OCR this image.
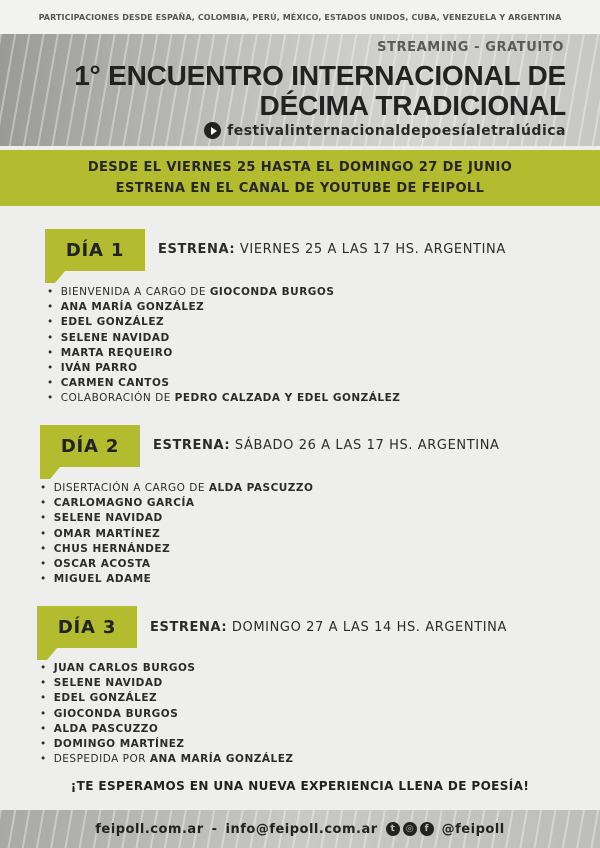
PARTICIPACIONES DESDE ESPAÑA, COLOMBIA, PERÚ, MÉXICO, ESTADOS UNIDOS, CUBA, VENEZUELA Y ARGENTINA
STREAMING - GRATUITO
1° ENCUENTRO INTERNACIONAL DE
DÉCIMA TRADICIONAL
festivalinternacionaldepoesíaletralúdica
DESDE EL VIERNES 25 HASTA EL DOMINGO 27 DE JUNIO
ESTRENA EN EL CANAL DE YOUTUBE DE FEIPOLL
DÍA 1	ESTRENA: VIERNES 25 A LAS 17 HS. ARGENTINA
• BIENVENIDA A CARGO DE GIOCONDA BURGOS
• ANA MARÍA GONZÁLEZ
• EDEL GONZÁLEZ
• SELENE NAVIDAD
• MARTA REQUEIRO
• IVÁN PARRO
• CARMEN CANTOS
• COLABORACIÓN DE PEDRO CALZADA Y EDEL GONZÁLEZ
DÍA 2	ESTRENA: SÁBADO 26 A LAS 17 HS. ARGENTINA
• DISERTACIÓN A CARGO DE ALDA PASCUZZO
• CARLOMAGNO GARCÍA
• SELENE NAVIDAD
• OMAR MARTÍNEZ
• CHUS HERNÁNDEZ
• OSCAR ACOSTA
• MIGUEL ADAME
DÍA 3	ESTRENA: DOMINGO 27 A LAS 14 HS. ARGENTINA
• JUAN CARLOS BURGOS
• SELENE NAVIDAD
• EDEL GONZÁLEZ
• GIOCONDA BURGOS
• ALDA PASCUZZO
• DOMINGO MARTÍNEZ
• DESPEDIDA POR ANA MARÍA GONZÁLEZ
¡TE ESPERAMOS EN UNA NUEVA EXPERIENCIA LLENA DE POESÍA!
feipoll.com.ar - info@feipoll.com.ar	t	◎	f	@feipoll
